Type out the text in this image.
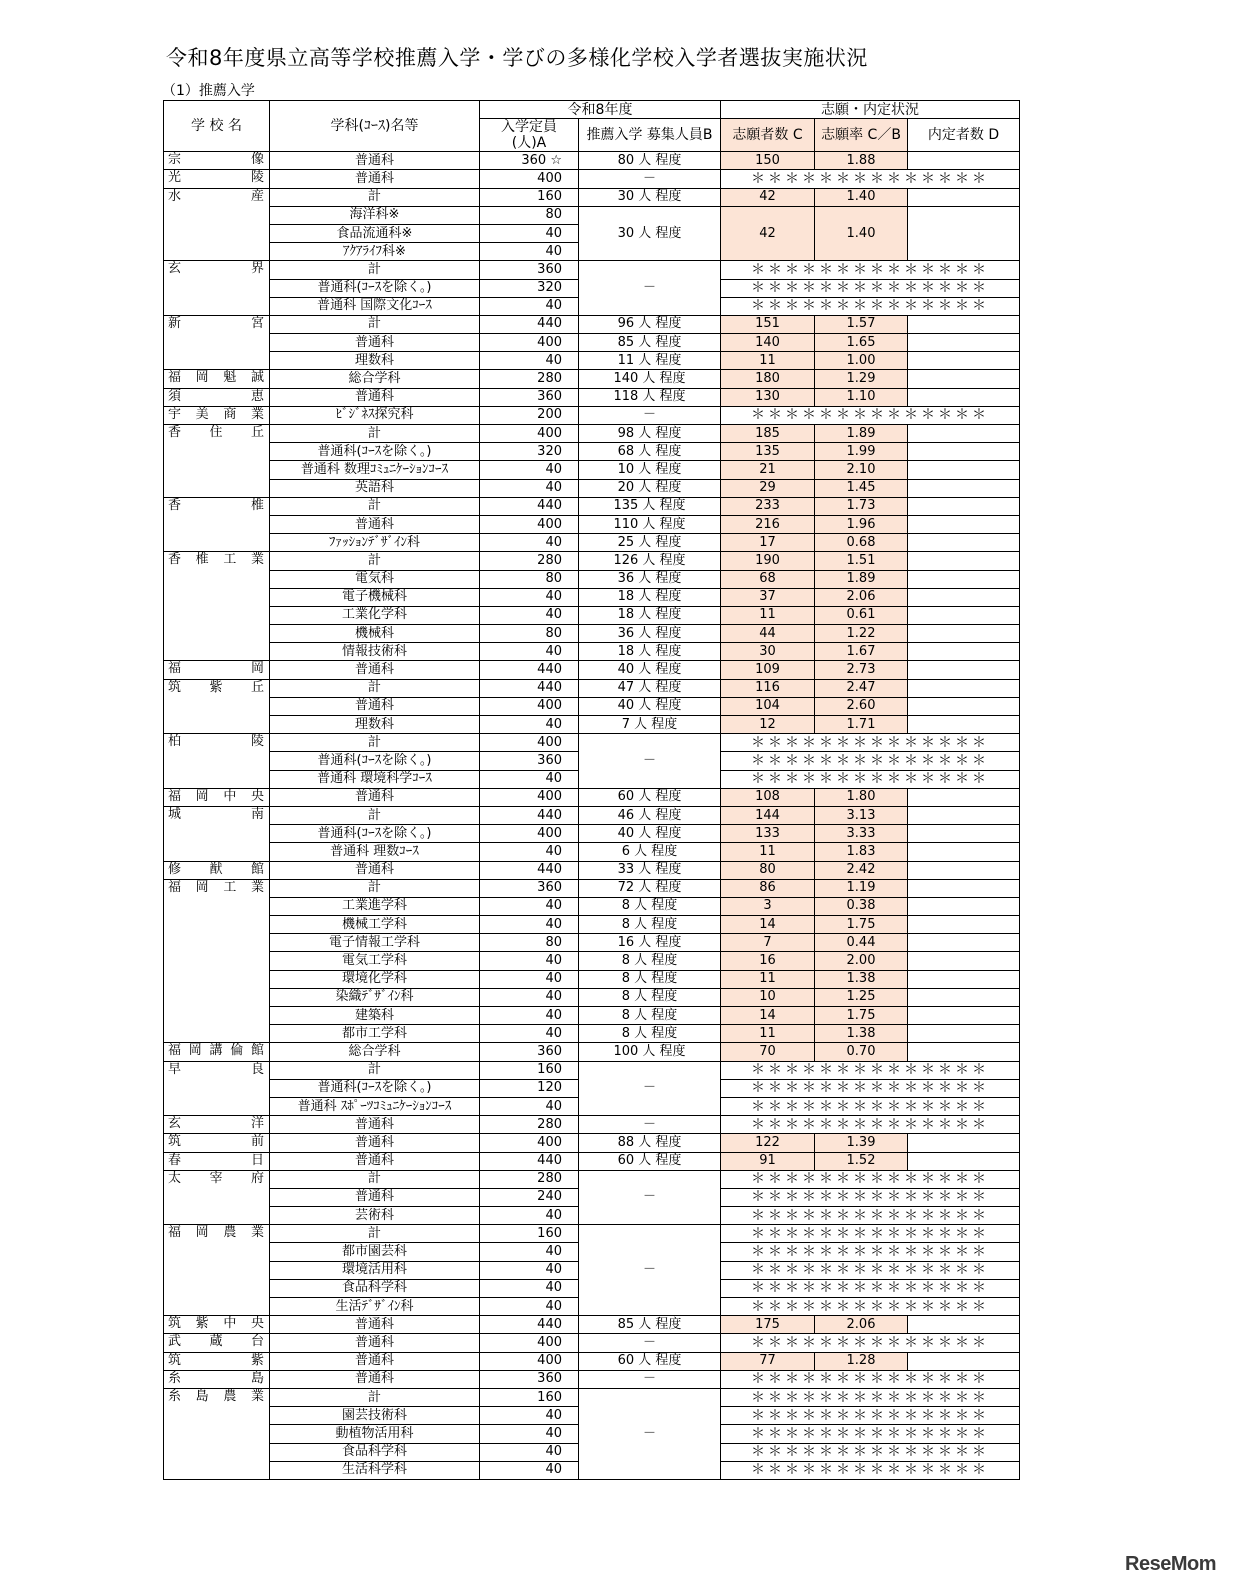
令和8年度県立高等学校推薦入学・学びの多様化学校入学者選抜実施状況
（1）推薦入学
学 校 名	学科(ｺｰｽ)名等	令和8年度		志願・内定状況		
		入学定員 (人)A	推薦入学 募集人員B	志願者数 C	志願率 C／B	内定者数 D
宗像	普通科	360 ☆	80 人 程度	150	1.88	
光陵	普通科	400	－	＊＊＊＊＊＊＊＊＊＊＊＊＊＊		
水産	計	160	30 人 程度	42	1.40	
	海洋科※	80	30 人 程度	42	1.40	
	食品流通科※	40				
	ｱｸｱﾗｲﾌ科※	40				
玄界	計	360	－	＊＊＊＊＊＊＊＊＊＊＊＊＊＊		
	普通科(ｺｰｽを除く。)	320		＊＊＊＊＊＊＊＊＊＊＊＊＊＊		
	普通科 国際文化ｺｰｽ	40		＊＊＊＊＊＊＊＊＊＊＊＊＊＊		
新宮	計	440	96 人 程度	151	1.57	
	普通科	400	85 人 程度	140	1.65	
	理数科	40	11 人 程度	11	1.00	
福岡魁誠	総合学科	280	140 人 程度	180	1.29	
須恵	普通科	360	118 人 程度	130	1.10	
宇美商業	ﾋﾞｼﾞﾈｽ探究科	200	－	＊＊＊＊＊＊＊＊＊＊＊＊＊＊		
香住丘	計	400	98 人 程度	185	1.89	
	普通科(ｺｰｽを除く。)	320	68 人 程度	135	1.99	
	普通科 数理ｺﾐｭﾆｹｰｼｮﾝｺｰｽ	40	10 人 程度	21	2.10	
	英語科	40	20 人 程度	29	1.45	
香椎	計	440	135 人 程度	233	1.73	
	普通科	400	110 人 程度	216	1.96	
	ﾌｧｯｼｮﾝﾃﾞｻﾞｲﾝ科	40	25 人 程度	17	0.68	
香椎工業	計	280	126 人 程度	190	1.51	
	電気科	80	36 人 程度	68	1.89	
	電子機械科	40	18 人 程度	37	2.06	
	工業化学科	40	18 人 程度	11	0.61	
	機械科	80	36 人 程度	44	1.22	
	情報技術科	40	18 人 程度	30	1.67	
福岡	普通科	440	40 人 程度	109	2.73	
筑紫丘	計	440	47 人 程度	116	2.47	
	普通科	400	40 人 程度	104	2.60	
	理数科	40	7 人 程度	12	1.71	
柏陵	計	400	－	＊＊＊＊＊＊＊＊＊＊＊＊＊＊		
	普通科(ｺｰｽを除く。)	360		＊＊＊＊＊＊＊＊＊＊＊＊＊＊		
	普通科 環境科学ｺｰｽ	40		＊＊＊＊＊＊＊＊＊＊＊＊＊＊		
福岡中央	普通科	400	60 人 程度	108	1.80	
城南	計	440	46 人 程度	144	3.13	
	普通科(ｺｰｽを除く。)	400	40 人 程度	133	3.33	
	普通科 理数ｺｰｽ	40	6 人 程度	11	1.83	
修猷館	普通科	440	33 人 程度	80	2.42	
福岡工業	計	360	72 人 程度	86	1.19	
	工業進学科	40	8 人 程度	3	0.38	
	機械工学科	40	8 人 程度	14	1.75	
	電子情報工学科	80	16 人 程度	7	0.44	
	電気工学科	40	8 人 程度	16	2.00	
	環境化学科	40	8 人 程度	11	1.38	
	染織ﾃﾞｻﾞｲﾝ科	40	8 人 程度	10	1.25	
	建築科	40	8 人 程度	14	1.75	
	都市工学科	40	8 人 程度	11	1.38	
福岡講倫館	総合学科	360	100 人 程度	70	0.70	
早良	計	160	－	＊＊＊＊＊＊＊＊＊＊＊＊＊＊		
	普通科(ｺｰｽを除く。)	120		＊＊＊＊＊＊＊＊＊＊＊＊＊＊		
	普通科 ｽﾎﾟｰﾂｺﾐｭﾆｹｰｼｮﾝｺｰｽ	40		＊＊＊＊＊＊＊＊＊＊＊＊＊＊		
玄洋	普通科	280	－	＊＊＊＊＊＊＊＊＊＊＊＊＊＊		
筑前	普通科	400	88 人 程度	122	1.39	
春日	普通科	440	60 人 程度	91	1.52	
太宰府	計	280	－	＊＊＊＊＊＊＊＊＊＊＊＊＊＊		
	普通科	240		＊＊＊＊＊＊＊＊＊＊＊＊＊＊		
	芸術科	40		＊＊＊＊＊＊＊＊＊＊＊＊＊＊		
福岡農業	計	160	－	＊＊＊＊＊＊＊＊＊＊＊＊＊＊		
	都市園芸科	40		＊＊＊＊＊＊＊＊＊＊＊＊＊＊		
	環境活用科	40		＊＊＊＊＊＊＊＊＊＊＊＊＊＊		
	食品科学科	40		＊＊＊＊＊＊＊＊＊＊＊＊＊＊		
	生活ﾃﾞｻﾞｲﾝ科	40		＊＊＊＊＊＊＊＊＊＊＊＊＊＊		
筑紫中央	普通科	440	85 人 程度	175	2.06	
武蔵台	普通科	400	－	＊＊＊＊＊＊＊＊＊＊＊＊＊＊		
筑紫	普通科	400	60 人 程度	77	1.28	
糸島	普通科	360	－	＊＊＊＊＊＊＊＊＊＊＊＊＊＊		
糸島農業	計	160	－	＊＊＊＊＊＊＊＊＊＊＊＊＊＊		
	園芸技術科	40		＊＊＊＊＊＊＊＊＊＊＊＊＊＊		
	動植物活用科	40		＊＊＊＊＊＊＊＊＊＊＊＊＊＊		
	食品科学科	40		＊＊＊＊＊＊＊＊＊＊＊＊＊＊		
	生活科学科	40		＊＊＊＊＊＊＊＊＊＊＊＊＊＊		
ReseMom
